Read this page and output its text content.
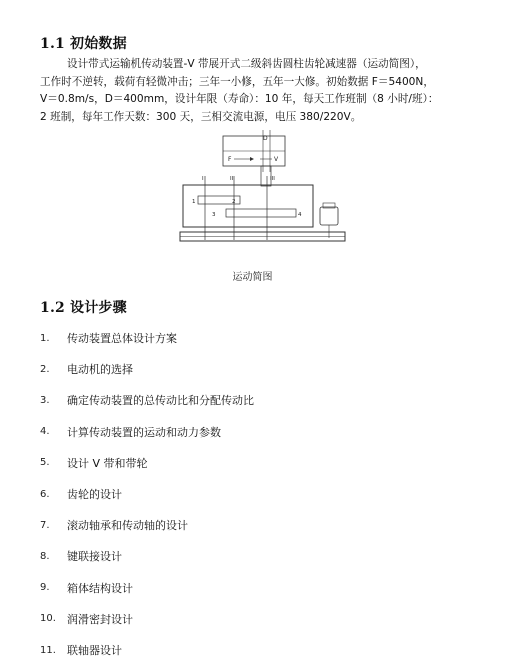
1.1 初始数据
设计带式运输机传动装置-V 带展开式二级斜齿圆柱齿轮减速器（运动简图），
工作时不逆转，载荷有轻微冲击；三年一小修，五年一大修。初始数据 F＝5400N，
V＝0.8m/s，D＝400mm，设计年限（寿命）：10 年，每天工作班制（8 小时/班）：
2 班制，每年工作天数：300 天，三相交流电源，电压 380/220V。
D
F	V
I	II	III
1	2
3	4
运动简图
1.2 设计步骤
1.	传动装置总体设计方案
2.	电动机的选择
3.	确定传动装置的总传动比和分配传动比
4.	计算传动装置的运动和动力参数
5.	设计 V 带和带轮
6.	齿轮的设计
7.	滚动轴承和传动轴的设计
8.	键联接设计
9.	箱体结构设计
10.	润滑密封设计
11.	联轴器设计
